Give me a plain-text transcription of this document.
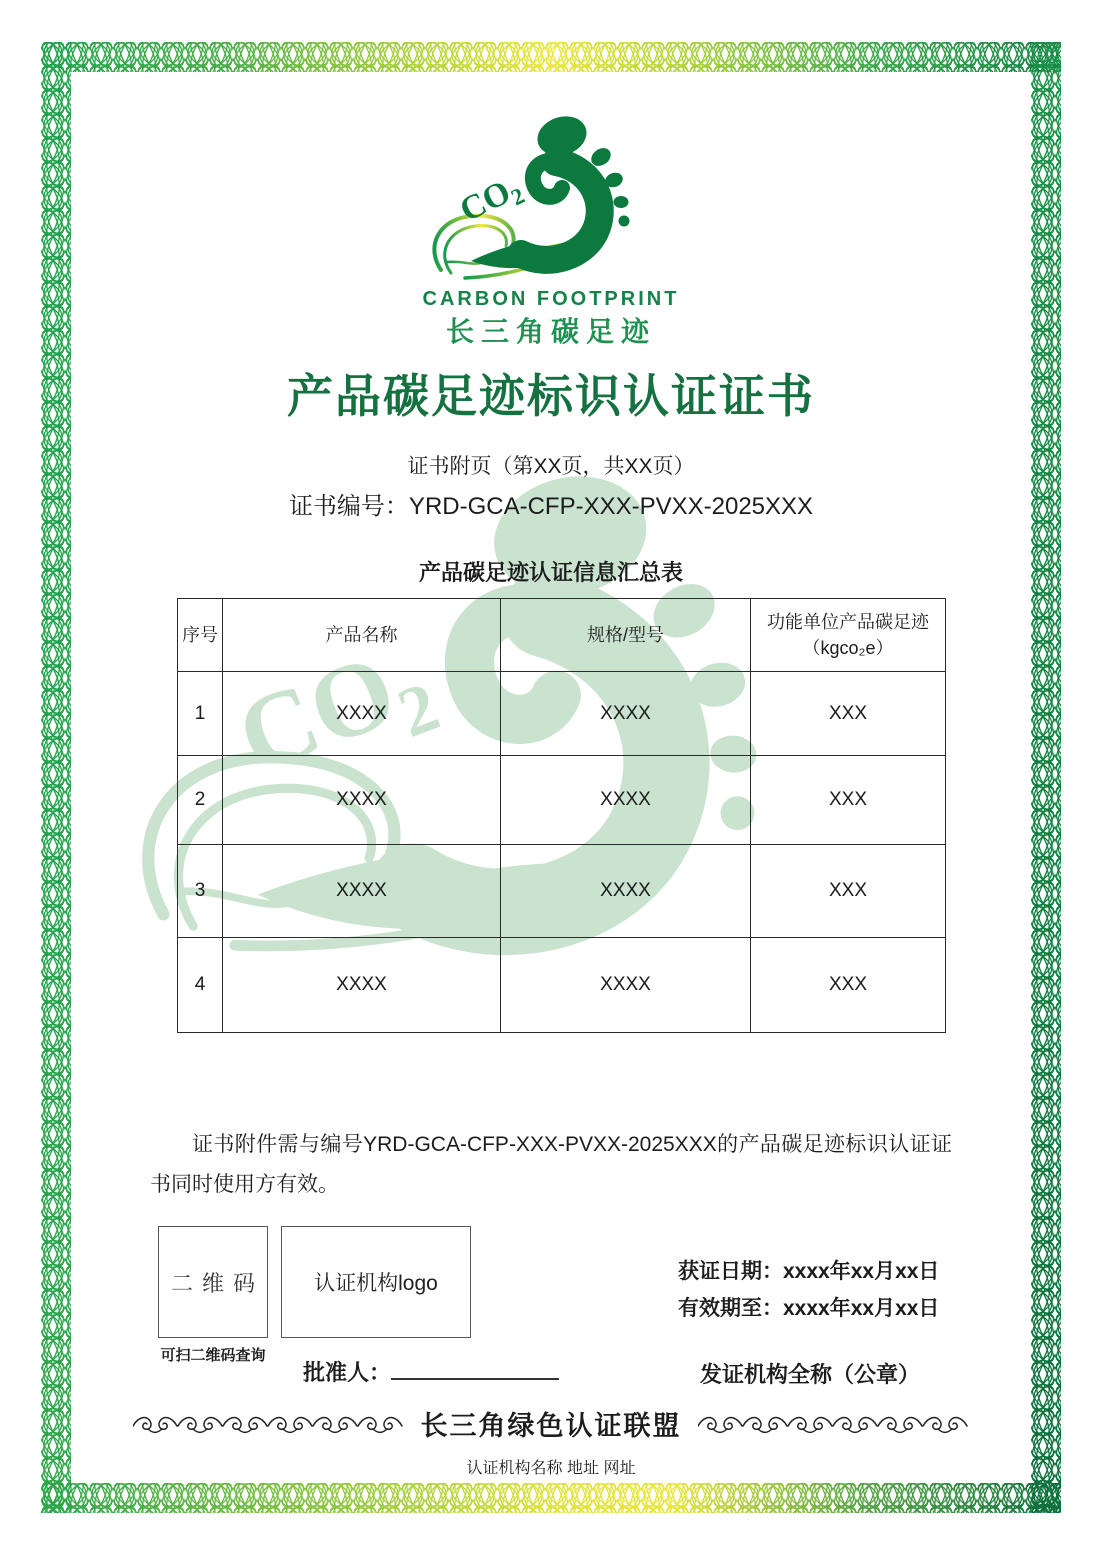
CARBON FOOTPRINT
长三角碳足迹
产品碳足迹标识认证证书
证书附页（第XX页，共XX页）
证书编号：YRD-GCA-CFP-XXX-PVXX-2025XXX
产品碳足迹认证信息汇总表
序号	产品名称	规格/型号	功能单位产品碳足迹（kgco₂e）
1	XXXX	XXXX	XXX
2	XXXX	XXXX	XXX
3	XXXX	XXXX	XXX
4	XXXX	XXXX	XXX

证书附件需与编号YRD-GCA-CFP-XXX-PVXX-2025XXX的产品碳足迹标识认证证书同时使用方有效。

二维码
可扫二维码查询
认证机构logo
获证日期：xxxx年xx月xx日
有效期至：xxxx年xx月xx日
批准人：	发证机构全称（公章）
长三角绿色认证联盟
认证机构名称 地址 网址
